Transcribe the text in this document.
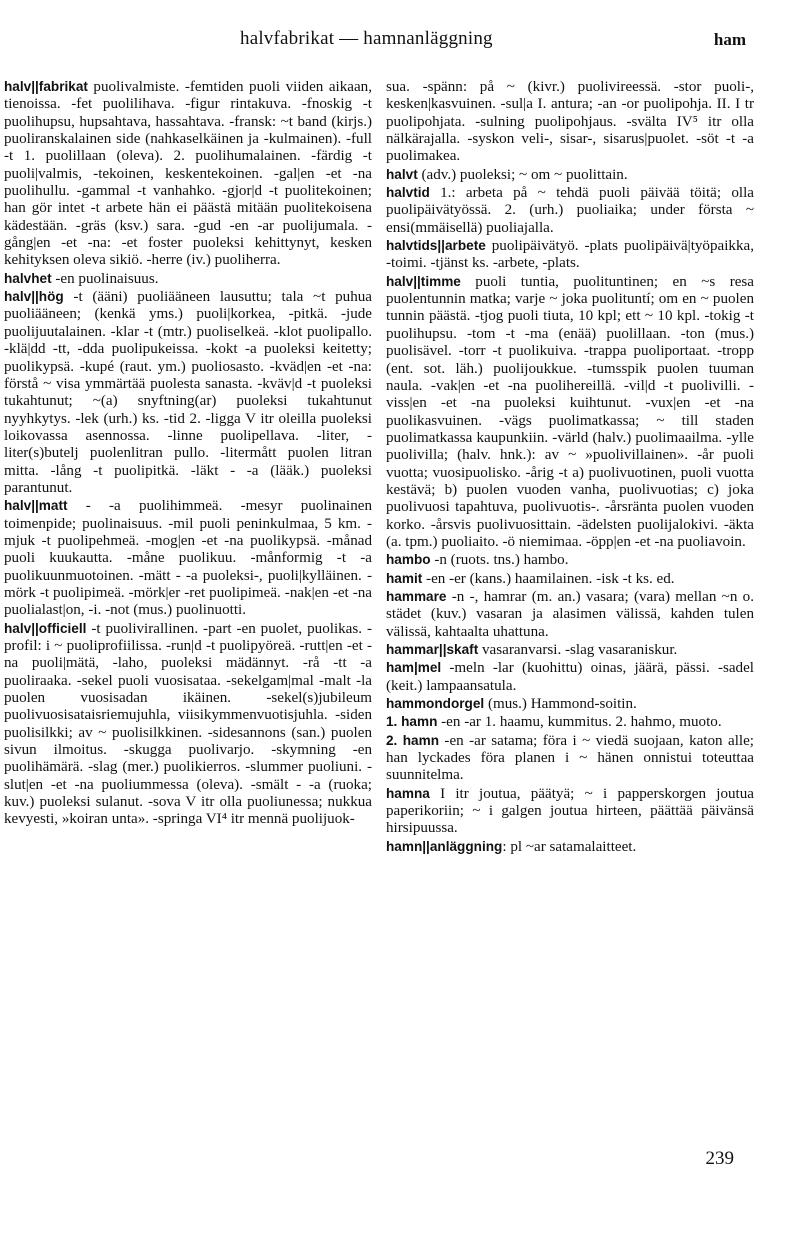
halvfabrikat — hamnanläggning	ham

halv||fabrikat puolivalmiste. -femtiden puoli viiden aikaan, tienoissa. -fet puolilihava. -figur rintakuva. -fnoskig -t puolihupsu, hupsahtava, hassahtava. -fransk: ~t band (kirjs.) puoliranskalainen side (nahkaselkäinen ja -kulmainen). -full -t 1. puolillaan (oleva). 2. puolihumalainen. -färdig -t puoli|valmis, -tekoinen, keskentekoinen. -gal|en -et -na puolihullu. -gammal -t vanhahko. -gjor|d -t puolitekoinen; han gör intet -t arbete hän ei päästä mitään puolitekoisena kädestään. -gräs (ksv.) sara. -gud -en -ar puolijumala. -gång|en -et -na: -et foster puoleksi kehittynyt, kesken kehityksen oleva sikiö. -herre (iv.) puoliherra.

halvhet -en puolinaisuus.

halv||hög -t (ääni) puoliääneen lausuttu; tala ~t puhua puoliääneen; (kenkä yms.) puoli|korkea, -pitkä. -jude puolijuutalainen. -klar -t (mtr.) puoliselkeä. -klot puolipallo. -klä|dd -tt, -dda puolipukeissa. -kokt -a puoleksi keitetty; puolikypsä. -kupé (raut. ym.) puoliosasto. -kväd|en -et -na: förstå ~ visa ymmärtää puolesta sanasta. -kväv|d -t puoleksi tukahtunut; ~(a) snyftning(ar) puoleksi tukahtunut nyyhkytys. -lek (urh.) ks. -tid 2. -ligga V itr oleilla puoleksi loikovassa asennossa. -linne puolipellava. -liter, -liter(s)butelj puolenlitran pullo. -litermått puolen litran mitta. -lång -t puolipitkä. -läkt - -a (lääk.) puoleksi parantunut.

halv||matt - -a puolihimmeä. -mesyr puolinainen toimenpide; puolinaisuus. -mil puoli peninkulmaa, 5 km. -mjuk -t puolipehmeä. -mog|en -et -na puolikypsä. -månad puoli kuukautta. -måne puolikuu. -månformig -t -a puolikuunmuotoinen. -mätt - -a puoleksi-, puoli|kylläinen. -mörk -t puolipimeä. -mörk|er -ret puolipimeä. -nak|en -et -na puolialast|on, -i. -not (mus.) puolinuotti.

halv||officiell -t puolivirallinen. -part -en puolet, puolikas. -profil: i ~ puoliprofiilissa. -run|d -t puolipyöreä. -rutt|en -et -na puoli|mätä, -laho, puoleksi mädännyt. -rå -tt -a puoliraaka. -sekel puoli vuosisataa. -sekelgam|mal -malt -la puolen vuosisadan ikäinen. -sekel(s)jubileum puolivuosisataisriemujuhla, viisikymmenvuotisjuhla. -siden puolisilkki; av ~ puolisilkkinen. -sidesannons (san.) puolen sivun ilmoitus. -skugga puolivarjo. -skymning -en puolihämärä. -slag (mer.) puolikierros. -slummer puoliuni. -slut|en -et -na puoliummessa (oleva). -smält - -a (ruoka; kuv.) puoleksi sulanut. -sova V itr olla puoliunessa; nukkua kevyesti, »koiran unta». -springa VI⁴ itr mennä puolijuok-

sua. -spänn: på ~ (kivr.) puolivireessä. -stor puoli-, kesken|kasvuinen. -sul|a I. antura; -an -or puolipohja. II. I tr puolipohjata. -sulning puolipohjaus. -svälta IV⁵ itr olla nälkärajalla. -syskon veli-, sisar-, sisarus|puolet. -söt -t -a puolimakea.

halvt (adv.) puoleksi; ~ om ~ puolittain.

halvtid 1.: arbeta på ~ tehdä puoli päivää töitä; olla puolipäivätyössä. 2. (urh.) puoliaika; under första ~ ensi(mmäisellä) puoliajalla.

halvtids||arbete puolipäivätyö. -plats puolipäivä|työpaikka, -toimi. -tjänst ks. -arbete, -plats.

halv||timme puoli tuntia, puolituntinen; en ~s resa puolentunnin matka; varje ~ joka puolituntí; om en ~ puolen tunnin päästä. -tjog puoli tiuta, 10 kpl; ett ~ 10 kpl. -tokig -t puolihupsu. -tom -t -ma (enää) puolillaan. -ton (mus.) puolisävel. -torr -t puolikuiva. -trappa puoliportaat. -tropp (ent. sot. läh.) puolijoukkue. -tumsspik puolen tuuman naula. -vak|en -et -na puolihereillä. -vil|d -t puolivilli. -viss|en -et -na puoleksi kuihtunut. -vux|en -et -na puolikasvuinen. -vägs puolimatkassa; ~ till staden puolimatkassa kaupunkiin. -värld (halv.) puolimaailma. -ylle puolivilla; (halv. hnk.): av ~ »puolivillainen». -år puoli vuotta; vuosipuolisko. -årig -t a) puolivuotinen, puoli vuotta kestävä; b) puolen vuoden vanha, puolivuotias; c) joka puolivuosi tapahtuva, puolivuotis-. -årsränta puolen vuoden korko. -årsvis puolivuosittain. -ädelsten puolijalokivi. -äkta (a. tpm.) puoliaito. -ö niemimaa. -öpp|en -et -na puoliavoin.

hambo -n (ruots. tns.) hambo.

hamit -en -er (kans.) haamilainen. -isk -t ks. ed.

hammare -n -, hamrar (m. an.) vasara; (vara) mellan ~n o. städet (kuv.) vasaran ja alasimen välissä, kahden tulen välissä, kahtaalta uhattuna.

hammar||skaft vasaranvarsi. -slag vasaraniskur.

ham|mel -meln -lar (kuohittu) oinas, jäärä, pässi. -sadel (keit.) lampaansatula.

hammondorgel (mus.) Hammond-soitin.

1. hamn -en -ar 1. haamu, kummitus. 2. hahmo, muoto.

2. hamn -en -ar satama; föra i ~ viedä suojaan, katon alle; han lyckades föra planen i ~ hänen onnistui toteuttaa suunnitelma.

hamna I itr joutua, päätyä; ~ i papperskorgen joutua paperikoriin; ~ i galgen joutua hirteen, päättää päivänsä hirsipuussa.

hamn||anläggning: pl ~ar satamalaitteet.

239
